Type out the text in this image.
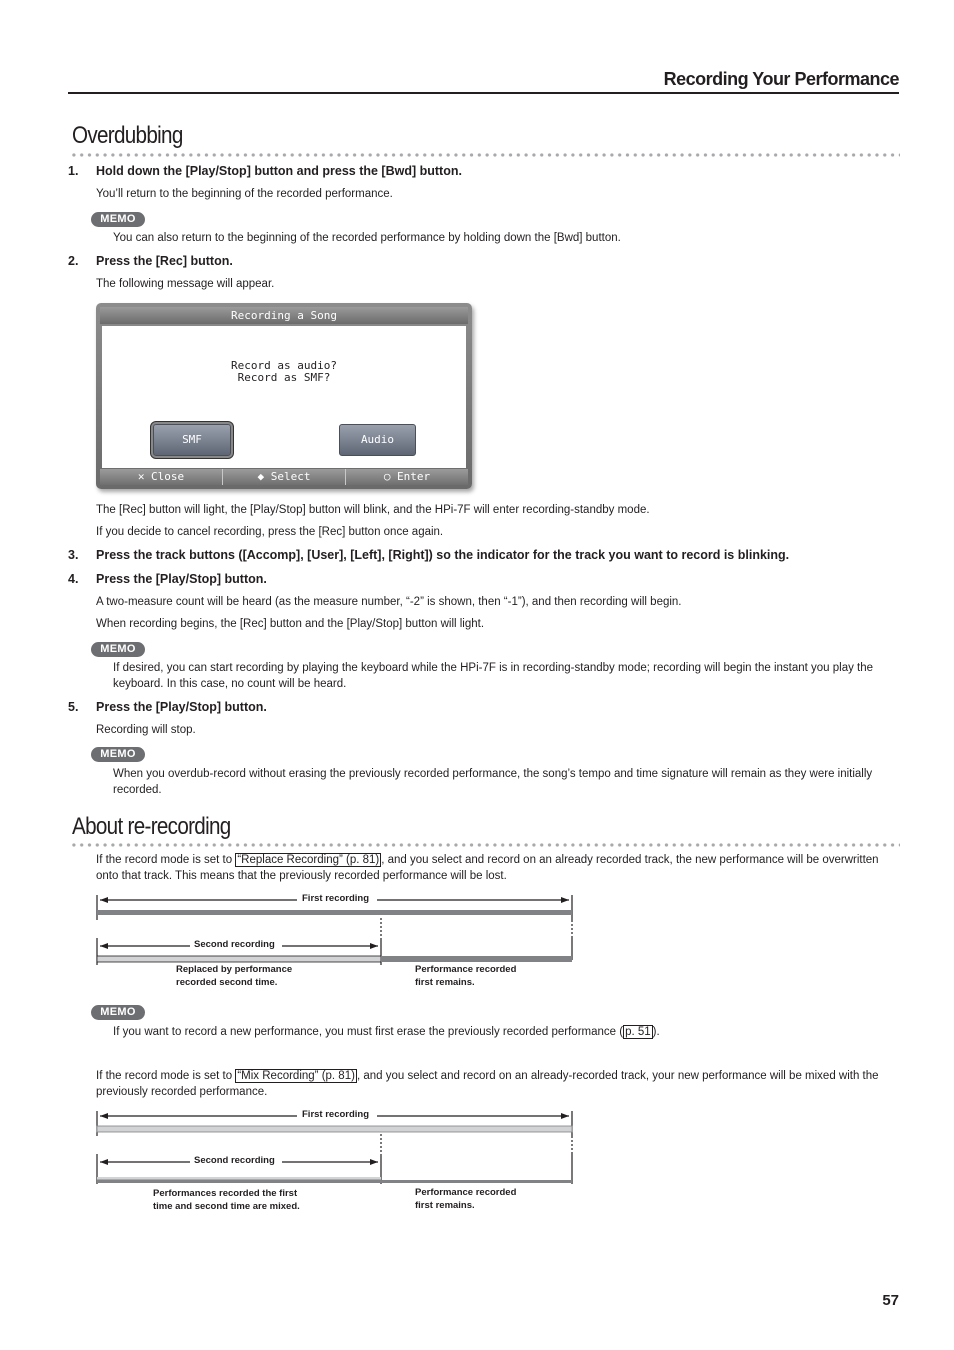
Recording Your Performance
Overdubbing
1. Hold down the [Play/Stop] button and press the [Bwd] button.
You’ll return to the beginning of the recorded performance.
MEMO
You can also return to the beginning of the recorded performance by holding down the [Bwd] button.
2. Press the [Rec] button.
The following message will appear.
Recording a Song
Record as audio?
Record as SMF?
SMF	Audio
✕ Close	◆ Select	○ Enter
The [Rec] button will light, the [Play/Stop] button will blink, and the HPi-7F will enter recording-standby mode.
If you decide to cancel recording, press the [Rec] button once again.
3. Press the track buttons ([Accomp], [User], [Left], [Right]) so the indicator for the track you want to record is blinking.
4. Press the [Play/Stop] button.
A two-measure count will be heard (as the measure number, “-2” is shown, then “-1”), and then recording will begin.
When recording begins, the [Rec] button and the [Play/Stop] button will light.
MEMO
If desired, you can start recording by playing the keyboard while the HPi-7F is in recording-standby mode; recording will begin the instant you play the keyboard. In this case, no count will be heard.
5. Press the [Play/Stop] button.
Recording will stop.
MEMO
When you overdub-record without erasing the previously recorded performance, the song’s tempo and time signature will remain as they were initially recorded.
About re-recording
If the record mode is set to “Replace Recording” (p. 81) , and you select and record on an already recorded track, the new performance will be overwritten onto that track. This means that the previously recorded performance will be lost.
First recording
Second recording
Replaced by performance
recorded second time.
Performance recorded
first remains.
MEMO
If you want to record a new performance, you must first erase the previously recorded performance ( p. 51 ).
If the record mode is set to “Mix Recording” (p. 81) , and you select and record on an already-recorded track, your new performance will be mixed with the previously recorded performance.
First recording
Second recording
Performances recorded the first
time and second time are mixed.
Performance recorded
first remains.
57
